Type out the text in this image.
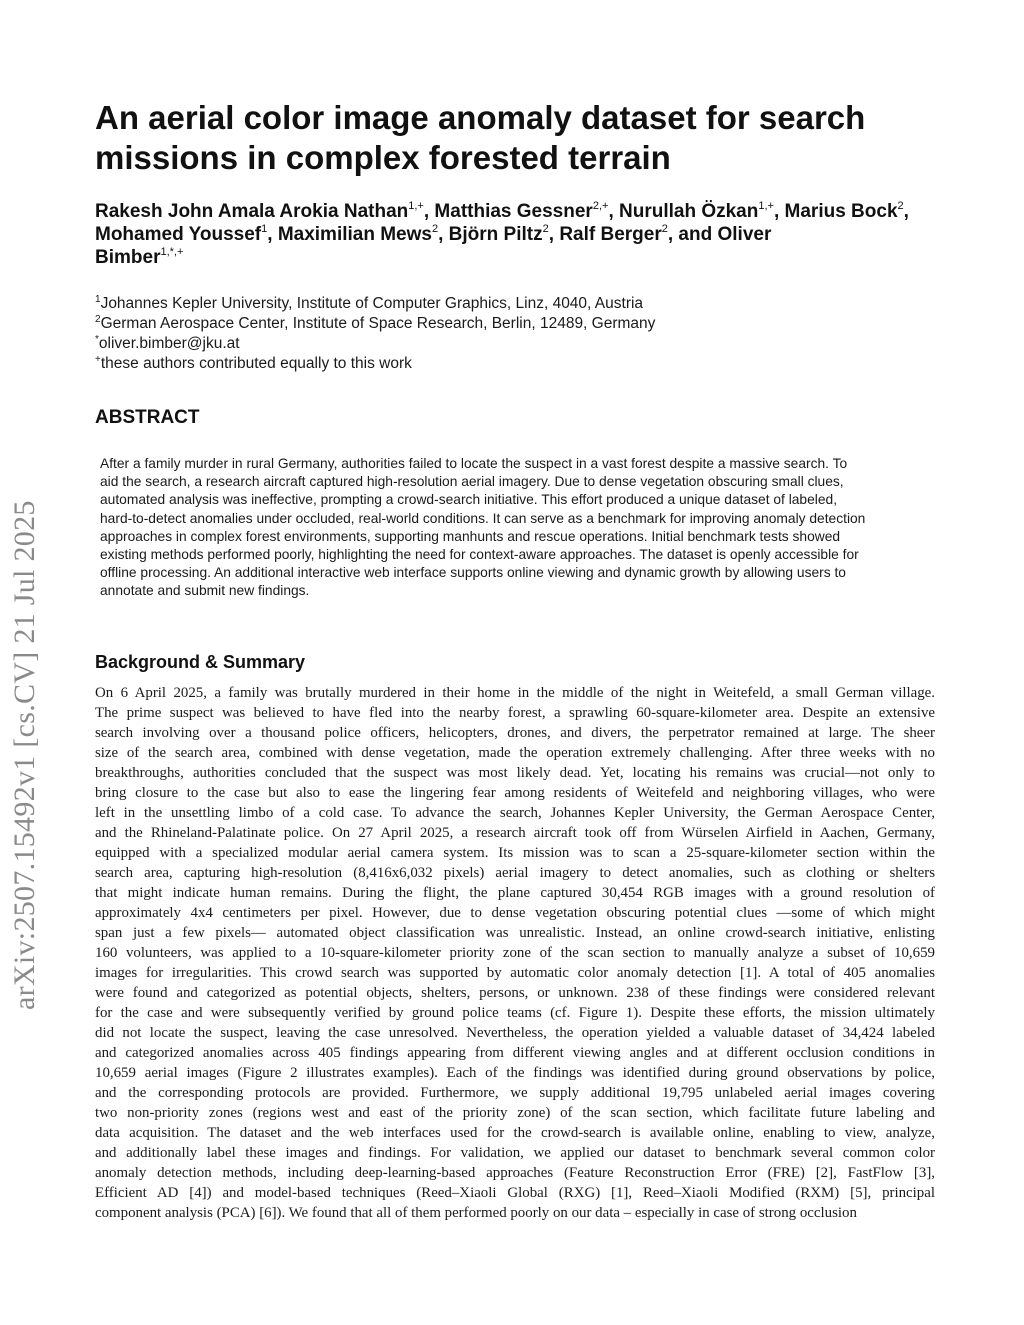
arXiv:2507.15492v1 [cs.CV] 21 Jul 2025
An aerial color image anomaly dataset for search
missions in complex forested terrain
Rakesh John Amala Arokia Nathan$^{1,+}$, Matthias Gessner$^{2,+}$, Nurullah Özkan$^{1,+}$, Marius Bock$^2$, Mohamed Youssef$^1$, Maximilian Mews$^2$, Björn Piltz$^2$, Ralf Berger$^2$, and Oliver
Bimber$^{1,*,+}$
$^1$Johannes Kepler University, Institute of Computer Graphics, Linz, 4040, Austria
$^2$German Aerospace Center, Institute of Space Research, Berlin, 12489, Germany
*oliver.bimber@jku.at
+these authors contributed equally to this work
ABSTRACT
After a family murder in rural Germany, authorities failed to locate the suspect in a vast forest despite a massive search. To
aid the search, a research aircraft captured high-resolution aerial imagery. Due to dense vegetation obscuring small clues,
automated analysis was ineffective, prompting a crowd-search initiative. This effort produced a unique dataset of labeled,
hard-to-detect anomalies under occluded, real-world conditions. It can serve as a benchmark for improving anomaly detection
approaches in complex forest environments, supporting manhunts and rescue operations. Initial benchmark tests showed
existing methods performed poorly, highlighting the need for context-aware approaches. The dataset is openly accessible for
offline processing. An additional interactive web interface supports online viewing and dynamic growth by allowing users to
annotate and submit new findings.
Background & Summary
On 6 April 2025, a family was brutally murdered in their home in the middle of the night in Weitefeld, a small German village.
The prime suspect was believed to have fled into the nearby forest, a sprawling 60-square-kilometer area. Despite an extensive
search involving over a thousand police officers, helicopters, drones, and divers, the perpetrator remained at large. The sheer
size of the search area, combined with dense vegetation, made the operation extremely challenging. After three weeks with no
breakthroughs, authorities concluded that the suspect was most likely dead. Yet, locating his remains was crucial—not only to
bring closure to the case but also to ease the lingering fear among residents of Weitefeld and neighboring villages, who were
left in the unsettling limbo of a cold case. To advance the search, Johannes Kepler University, the German Aerospace Center,
and the Rhineland-Palatinate police. On 27 April 2025, a research aircraft took off from Würselen Airfield in Aachen, Germany,
equipped with a specialized modular aerial camera system. Its mission was to scan a 25-square-kilometer section within the
search area, capturing high-resolution (8,416x6,032 pixels) aerial imagery to detect anomalies, such as clothing or shelters
that might indicate human remains. During the flight, the plane captured 30,454 RGB images with a ground resolution of
approximately 4x4 centimeters per pixel. However, due to dense vegetation obscuring potential clues —some of which might
span just a few pixels— automated object classification was unrealistic. Instead, an online crowd-search initiative, enlisting
160 volunteers, was applied to a 10-square-kilometer priority zone of the scan section to manually analyze a subset of 10,659
images for irregularities. This crowd search was supported by automatic color anomaly detection [1]. A total of 405 anomalies
were found and categorized as potential objects, shelters, persons, or unknown. 238 of these findings were considered relevant
for the case and were subsequently verified by ground police teams (cf. Figure 1). Despite these efforts, the mission ultimately
did not locate the suspect, leaving the case unresolved. Nevertheless, the operation yielded a valuable dataset of 34,424 labeled
and categorized anomalies across 405 findings appearing from different viewing angles and at different occlusion conditions in
10,659 aerial images (Figure 2 illustrates examples). Each of the findings was identified during ground observations by police,
and the corresponding protocols are provided. Furthermore, we supply additional 19,795 unlabeled aerial images covering
two non-priority zones (regions west and east of the priority zone) of the scan section, which facilitate future labeling and
data acquisition. The dataset and the web interfaces used for the crowd-search is available online, enabling to view, analyze,
and additionally label these images and findings. For validation, we applied our dataset to benchmark several common color
anomaly detection methods, including deep-learning-based approaches (Feature Reconstruction Error (FRE) [2], FastFlow [3],
Efficient AD [4]) and model-based techniques (Reed–Xiaoli Global (RXG) [1], Reed–Xiaoli Modified (RXM) [5], principal
component analysis (PCA) [6]). We found that all of them performed poorly on our data – especially in case of strong occlusion
